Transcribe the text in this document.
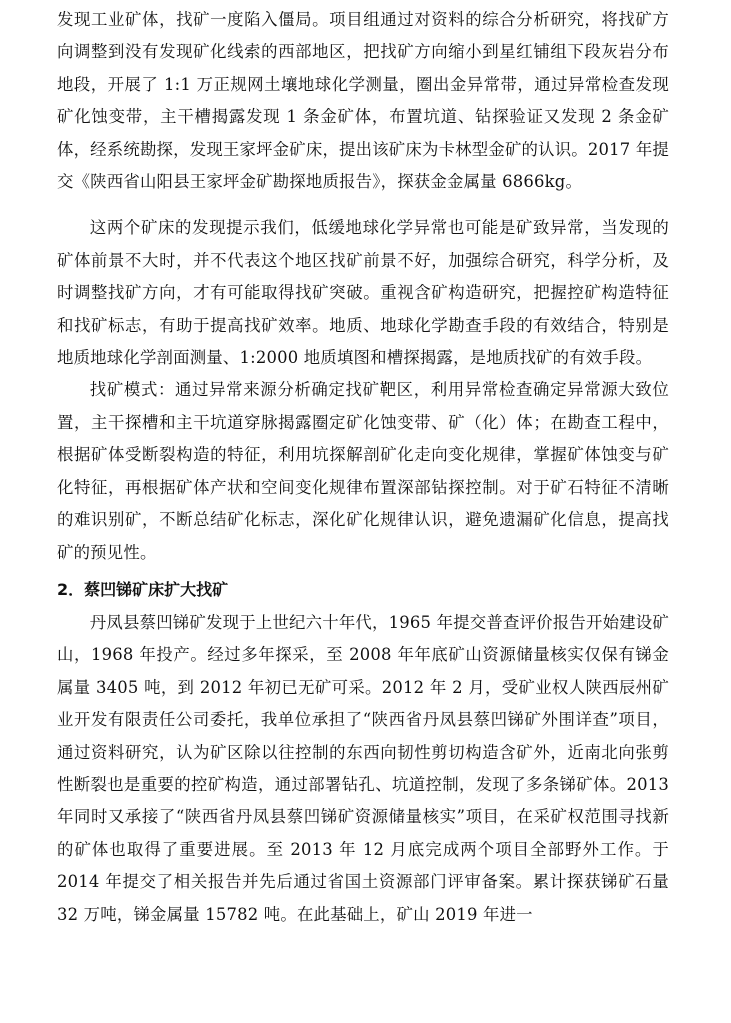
发现工业矿体，找矿一度陷入僵局。项目组通过对资料的综合分析研究，将找矿方向调整到没有发现矿化线索的西部地区，把找矿方向缩小到星红铺组下段灰岩分布地段，开展了 1:1 万正规网土壤地球化学测量，圈出金异常带，通过异常检查发现矿化蚀变带，主干槽揭露发现 1 条金矿体，布置坑道、钻探验证又发现 2 条金矿体，经系统勘探，发现王家坪金矿床，提出该矿床为卡林型金矿的认识。2017 年提交《陕西省山阳县王家坪金矿勘探地质报告》，探获金金属量 6866kg。

这两个矿床的发现提示我们，低缓地球化学异常也可能是矿致异常，当发现的矿体前景不大时，并不代表这个地区找矿前景不好，加强综合研究，科学分析，及时调整找矿方向，才有可能取得找矿突破。重视含矿构造研究，把握控矿构造特征和找矿标志，有助于提高找矿效率。地质、地球化学勘查手段的有效结合，特别是地质地球化学剖面测量、1:2000 地质填图和槽探揭露，是地质找矿的有效手段。

找矿模式：通过异常来源分析确定找矿靶区，利用异常检查确定异常源大致位置，主干探槽和主干坑道穿脉揭露圈定矿化蚀变带、矿（化）体；在勘查工程中，根据矿体受断裂构造的特征，利用坑探解剖矿化走向变化规律，掌握矿体蚀变与矿化特征，再根据矿体产状和空间变化规律布置深部钻探控制。对于矿石特征不清晰的难识别矿，不断总结矿化标志，深化矿化规律认识，避免遗漏矿化信息，提高找矿的预见性。

2．蔡凹锑矿床扩大找矿

丹凤县蔡凹锑矿发现于上世纪六十年代，1965 年提交普查评价报告开始建设矿山，1968 年投产。经过多年探采，至 2008 年年底矿山资源储量核实仅保有锑金属量 3405 吨，到 2012 年初已无矿可采。2012 年 2 月，受矿业权人陕西辰州矿业开发有限责任公司委托，我单位承担了“陕西省丹凤县蔡凹锑矿外围详查”项目，通过资料研究，认为矿区除以往控制的东西向韧性剪切构造含矿外，近南北向张剪性断裂也是重要的控矿构造，通过部署钻孔、坑道控制，发现了多条锑矿体。2013 年同时又承接了“陕西省丹凤县蔡凹锑矿资源储量核实”项目，在采矿权范围寻找新的矿体也取得了重要进展。至 2013 年 12 月底完成两个项目全部野外工作。于 2014 年提交了相关报告并先后通过省国土资源部门评审备案。累计探获锑矿石量 32 万吨，锑金属量 15782 吨。在此基础上，矿山 2019 年进一
